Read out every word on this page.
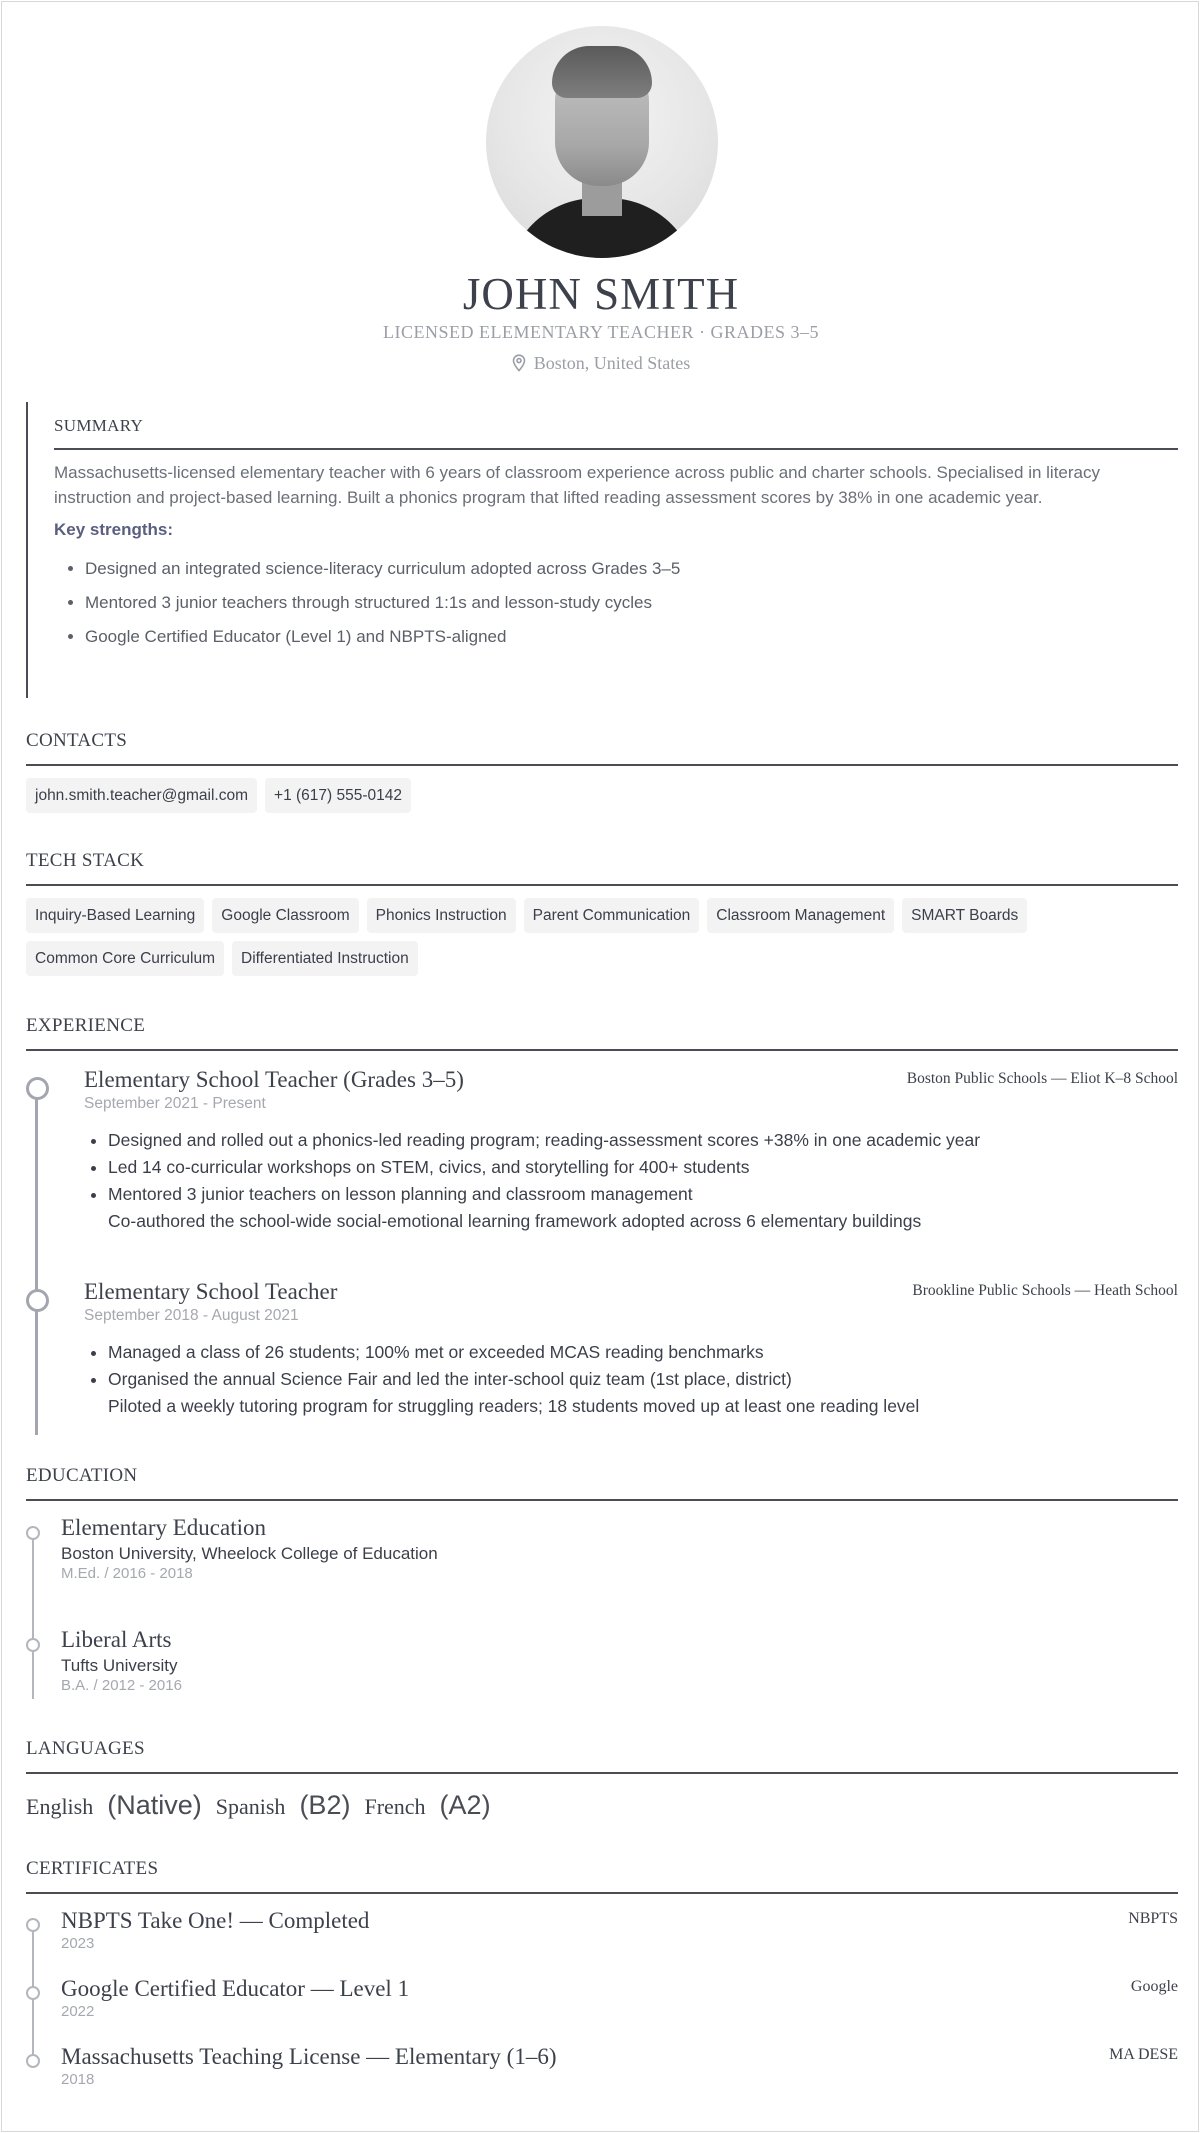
JOHN SMITH
LICENSED ELEMENTARY TEACHER · GRADES 3–5
Boston, United States
SUMMARY

Massachusetts-licensed elementary teacher with 6 years of classroom experience across public and charter schools. Specialised in literacy instruction and project-based learning. Built a phonics program that lifted reading assessment scores by 38% in one academic year.

Key strengths:
• Designed an integrated science-literacy curriculum adopted across Grades 3–5
• Mentored 3 junior teachers through structured 1:1s and lesson-study cycles
• Google Certified Educator (Level 1) and NBPTS-aligned
CONTACTS
john.smith.teacher@gmail.com	+1 (617) 555-0142
TECH STACK
Inquiry-Based Learning	Google Classroom	Phonics Instruction	Parent Communication	Classroom Management	SMART Boards
Common Core Curriculum	Differentiated Instruction
EXPERIENCE
Elementary School Teacher (Grades 3–5)	Boston Public Schools — Eliot K–8 School
September 2021 - Present
• Designed and rolled out a phonics-led reading program; reading-assessment scores +38% in one academic year
• Led 14 co-curricular workshops on STEM, civics, and storytelling for 400+ students
• Mentored 3 junior teachers on lesson planning and classroom management
Co-authored the school-wide social-emotional learning framework adopted across 6 elementary buildings
Elementary School Teacher	Brookline Public Schools — Heath School
September 2018 - August 2021
• Managed a class of 26 students; 100% met or exceeded MCAS reading benchmarks
• Organised the annual Science Fair and led the inter-school quiz team (1st place, district)
Piloted a weekly tutoring program for struggling readers; 18 students moved up at least one reading level
EDUCATION
Elementary Education
Boston University, Wheelock College of Education
M.Ed. / 2016 - 2018
Liberal Arts
Tufts University
B.A. / 2012 - 2016
LANGUAGES
English (Native) Spanish (B2) French (A2)
CERTIFICATES
NBPTS Take One! — Completed
2023
NBPTS
Google Certified Educator — Level 1
2022
Google
Massachusetts Teaching License — Elementary (1–6)
2018
MA DESE
